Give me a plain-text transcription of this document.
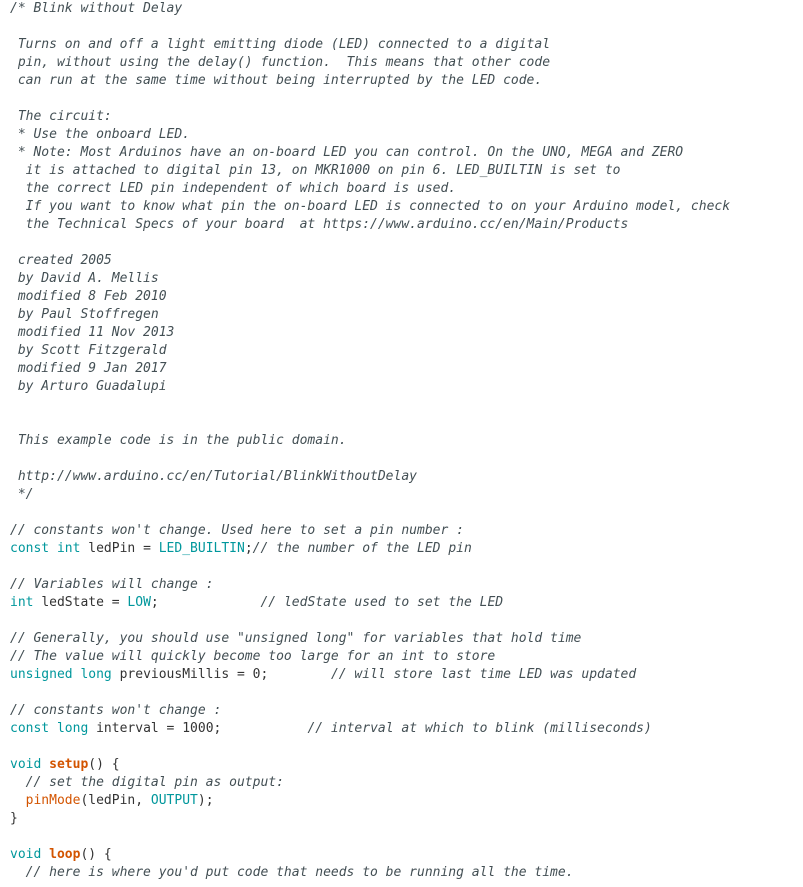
/* Blink without Delay
Turns on and off a light emitting diode (LED) connected to a digital
pin, without using the delay() function.  This means that other code
can run at the same time without being interrupted by the LED code.
The circuit:
* Use the onboard LED.
* Note: Most Arduinos have an on-board LED you can control. On the UNO, MEGA and ZERO
it is attached to digital pin 13, on MKR1000 on pin 6. LED_BUILTIN is set to
the correct LED pin independent of which board is used.
If you want to know what pin the on-board LED is connected to on your Arduino model, check
the Technical Specs of your board  at https://www.arduino.cc/en/Main/Products
created 2005
by David A. Mellis
modified 8 Feb 2010
by Paul Stoffregen
modified 11 Nov 2013
by Scott Fitzgerald
modified 9 Jan 2017
by Arturo Guadalupi
This example code is in the public domain.
http://www.arduino.cc/en/Tutorial/BlinkWithoutDelay
*/
// constants won't change. Used here to set a pin number :
const int ledPin = LED_BUILTIN;// the number of the LED pin
// Variables will change :
int ledState = LOW;	// ledState used to set the LED
// Generally, you should use "unsigned long" for variables that hold time
// The value will quickly become too large for an int to store
unsigned long previousMillis = 0;	// will store last time LED was updated
// constants won't change :
const long interval = 1000;	// interval at which to blink (milliseconds)
void setup() {
// set the digital pin as output:
pinMode(ledPin, OUTPUT);
}
void loop() {
// here is where you'd put code that needs to be running all the time.
